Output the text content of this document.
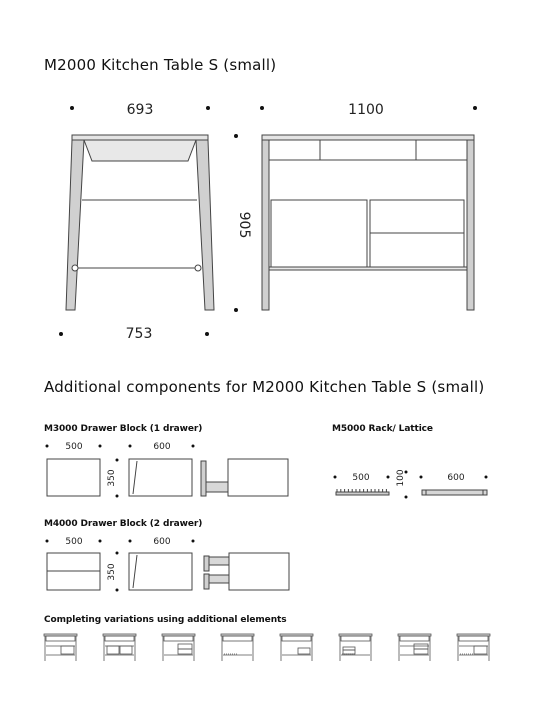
M2000 Kitchen Table S (small)
Additional components for M2000 Kitchen Table S (small)
M3000 Drawer Block (1 drawer)	M5000 Rack/ Lattice
M4000 Drawer Block (2 drawer)
Completing variations using additional elements
693
753
905
1100
500	600
350
500	600
350
500	100	600
